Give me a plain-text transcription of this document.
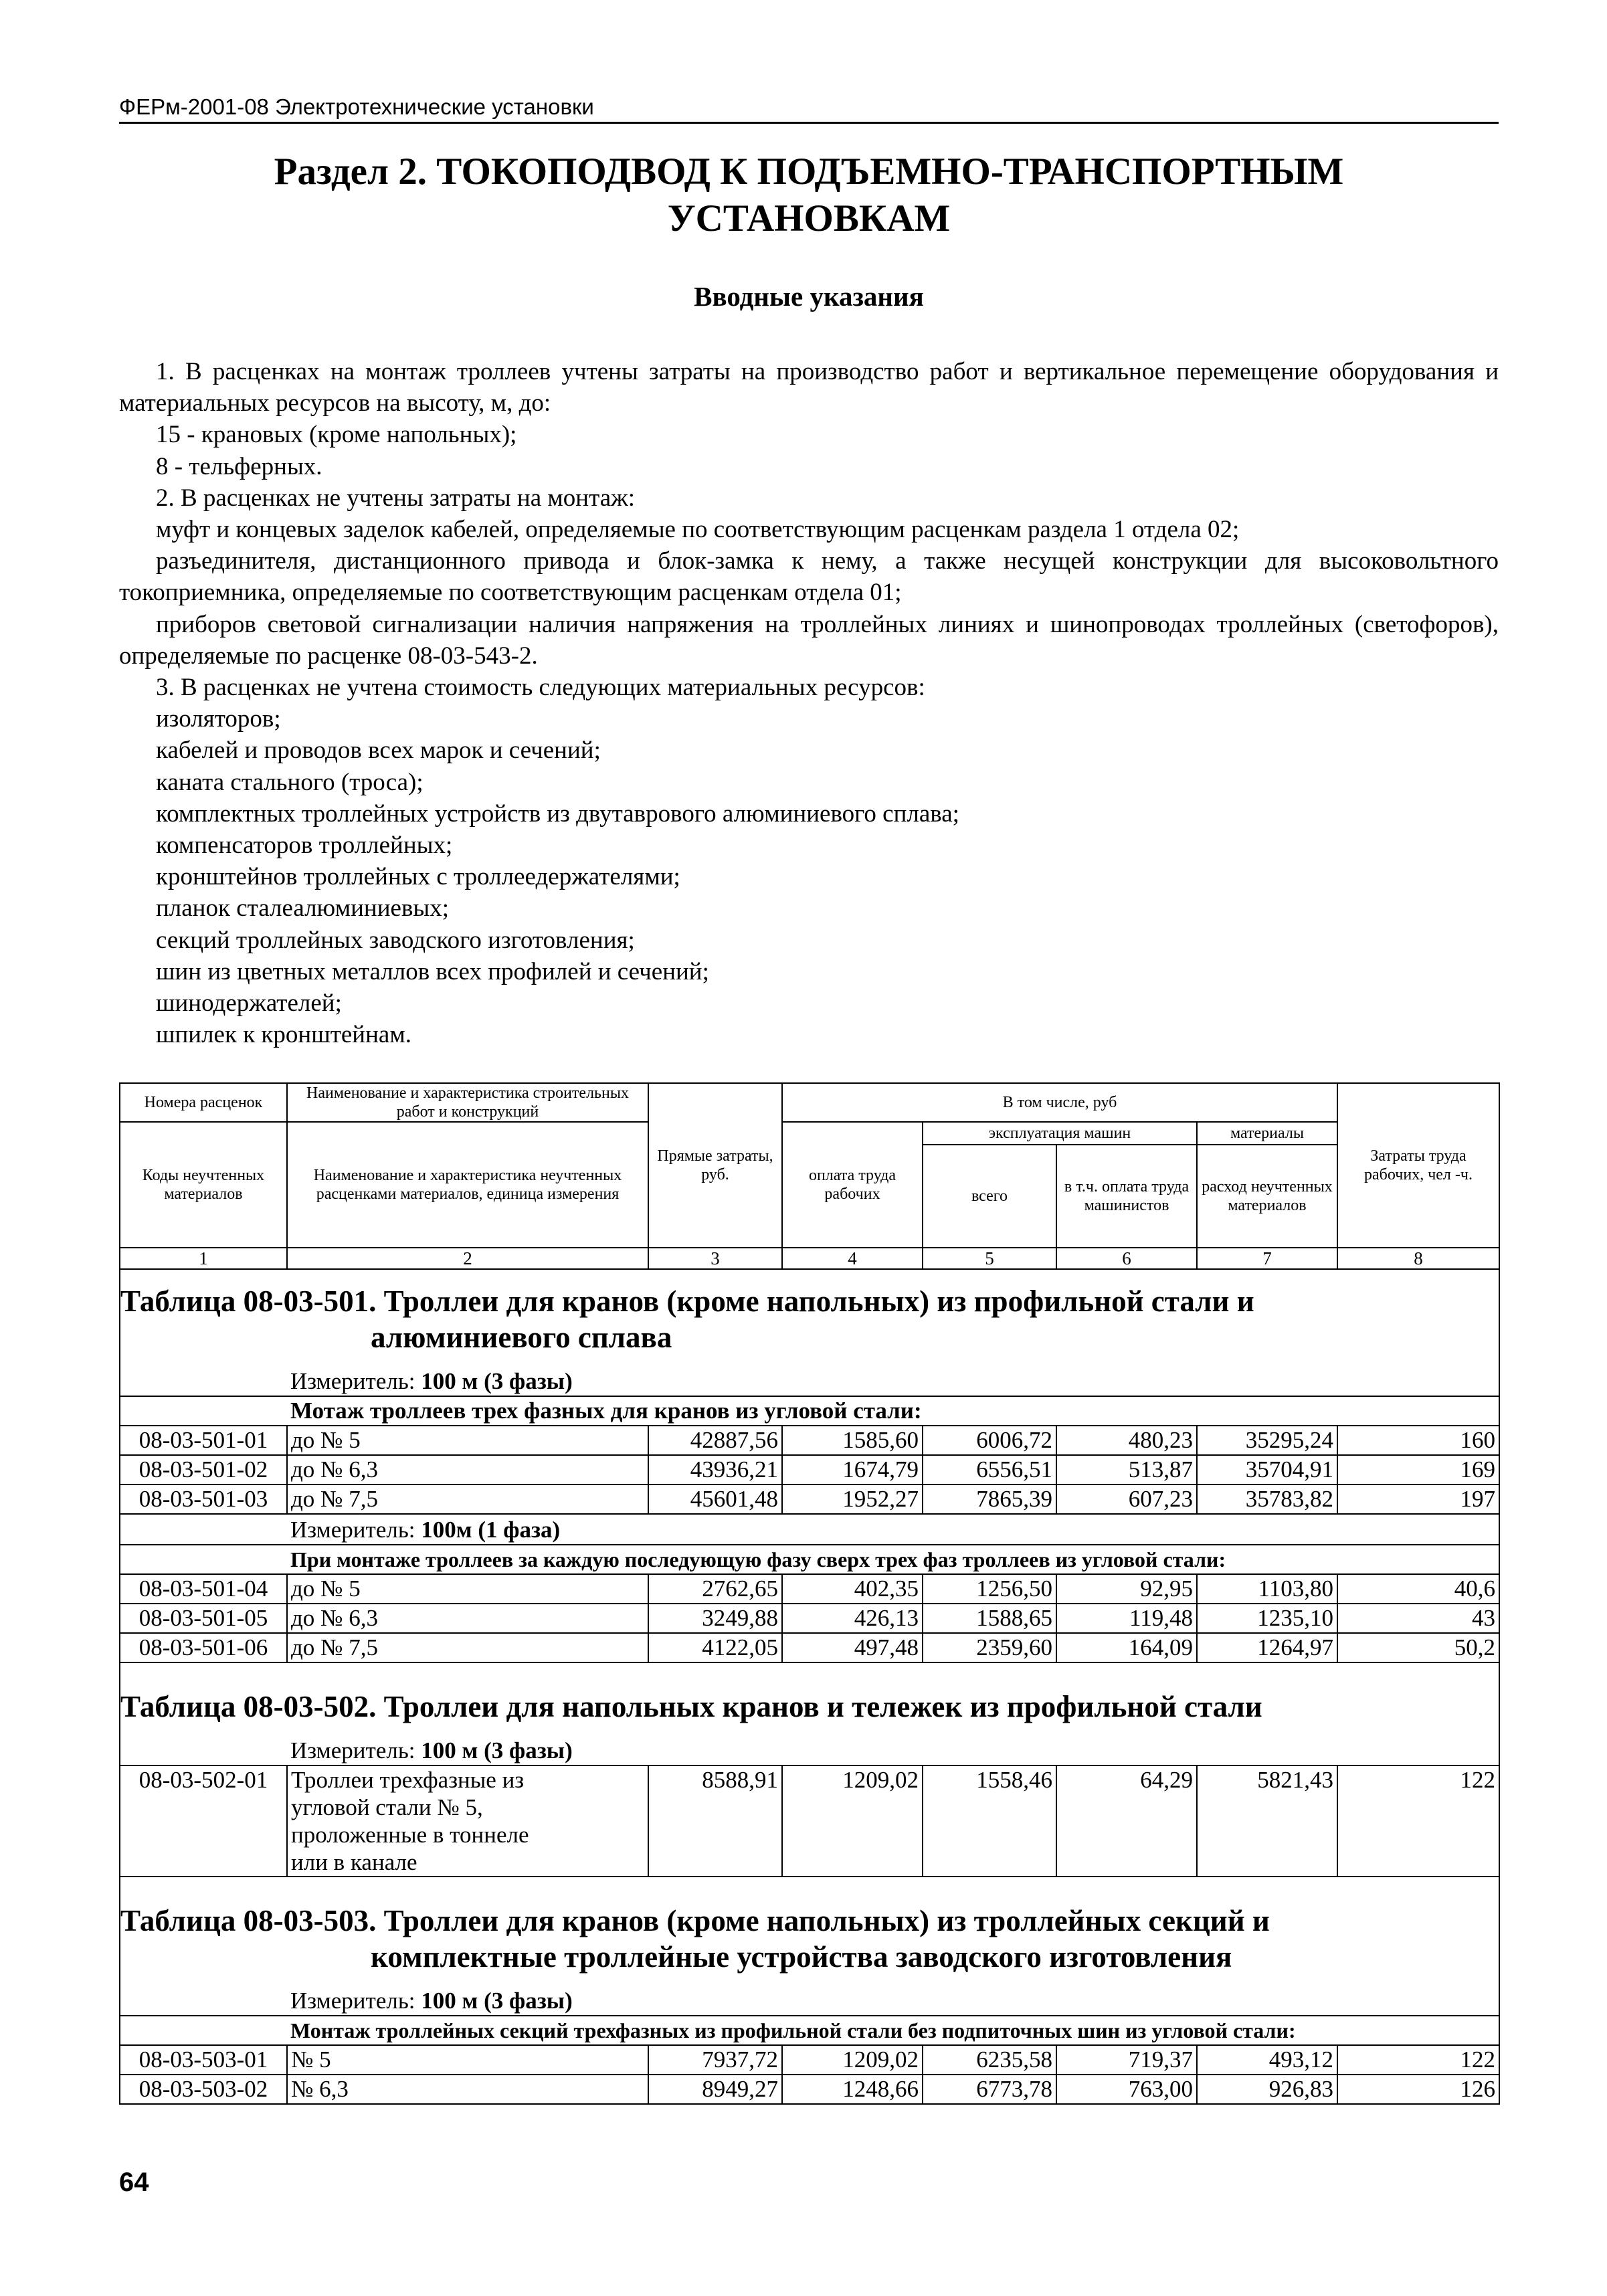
ФЕРм-2001-08 Электротехнические установки
Раздел 2. ТОКОПОДВОД К ПОДЪЕМНО-ТРАНСПОРТНЫМ
УСТАНОВКАМ
Вводные указания

1. В расценках на монтаж троллеев учтены затраты на производство работ и вертикальное перемещение оборудования и материальных ресурсов на высоту, м, до:

15 - крановых (кроме напольных);

8 - тельферных.

2. В расценках не учтены затраты на монтаж:

муфт и концевых заделок кабелей, определяемые по соответствующим расценкам раздела 1 отдела 02;

разъединителя, дистанционного привода и блок-замка к нему, а также несущей конструкции для высоковольтного токоприемника, определяемые по соответствующим расценкам отдела 01;

приборов световой сигнализации наличия напряжения на троллейных линиях и шинопроводах троллейных (светофоров), определяемые по расценке 08-03-543-2.

3. В расценках не учтена стоимость следующих материальных ресурсов:

изоляторов;

кабелей и проводов всех марок и сечений;

каната стального (троса);

комплектных троллейных устройств из двутаврового алюминиевого сплава;

компенсаторов троллейных;

кронштейнов троллейных с троллеедержателями;

планок сталеалюминиевых;

секций троллейных заводского изготовления;

шин из цветных металлов всех профилей и сечений;

шинодержателей;

шпилек к кронштейнам.

Номера расценок	Наименование и характеристика строительных работ и конструкций	Прямые затраты, руб.	В том числе, руб				Затраты труда рабочих, чел -ч.
Коды неучтенных материалов	Наименование и характеристика неучтенных расценками материалов, единица измерения		оплата труда рабочих	эксплуатация машин		материалы	
				всего	в т.ч. оплата труда машинистов	расход неучтенных материалов	
1	2	3	4	5	6	7	8
Таблица 08-03-501. Троллеи для кранов (кроме напольных) из профильной стали и
алюминиевого сплава							

	Измеритель: 100 м (3 фазы)						
	Мотаж троллеев трех фазных для кранов из угловой стали:						
08-03-501-01	до № 5	42887,56	1585,60	6006,72	480,23	35295,24	160
08-03-501-02	до № 6,3	43936,21	1674,79	6556,51	513,87	35704,91	169
08-03-501-03	до № 7,5	45601,48	1952,27	7865,39	607,23	35783,82	197
	Измеритель: 100м (1 фаза)						
	При монтаже троллеев за каждую последующую фазу сверх трех фаз троллеев из угловой стали:						
08-03-501-04	до № 5	2762,65	402,35	1256,50	92,95	1103,80	40,6
08-03-501-05	до № 6,3	3249,88	426,13	1588,65	119,48	1235,10	43
08-03-501-06	до № 7,5	4122,05	497,48	2359,60	164,09	1264,97	50,2
Таблица 08-03-502. Троллеи для напольных кранов и тележек из профильной стали							
	Измеритель: 100 м (3 фазы)						
08-03-502-01	Троллеи трехфазные из угловой стали № 5, проложенные в тоннеле или в канале	8588,91	1209,02	1558,46	64,29	5821,43	122
Таблица 08-03-503. Троллеи для кранов (кроме напольных) из троллейных секций и
комплектные троллейные устройства заводского изготовления							

	Измеритель: 100 м (3 фазы)						
	Монтаж троллейных секций трехфазных из профильной стали без подпиточных шин из угловой стали:						
08-03-503-01	№ 5	7937,72	1209,02	6235,58	719,37	493,12	122
08-03-503-02	№ 6,3	8949,27	1248,66	6773,78	763,00	926,83	126
64
